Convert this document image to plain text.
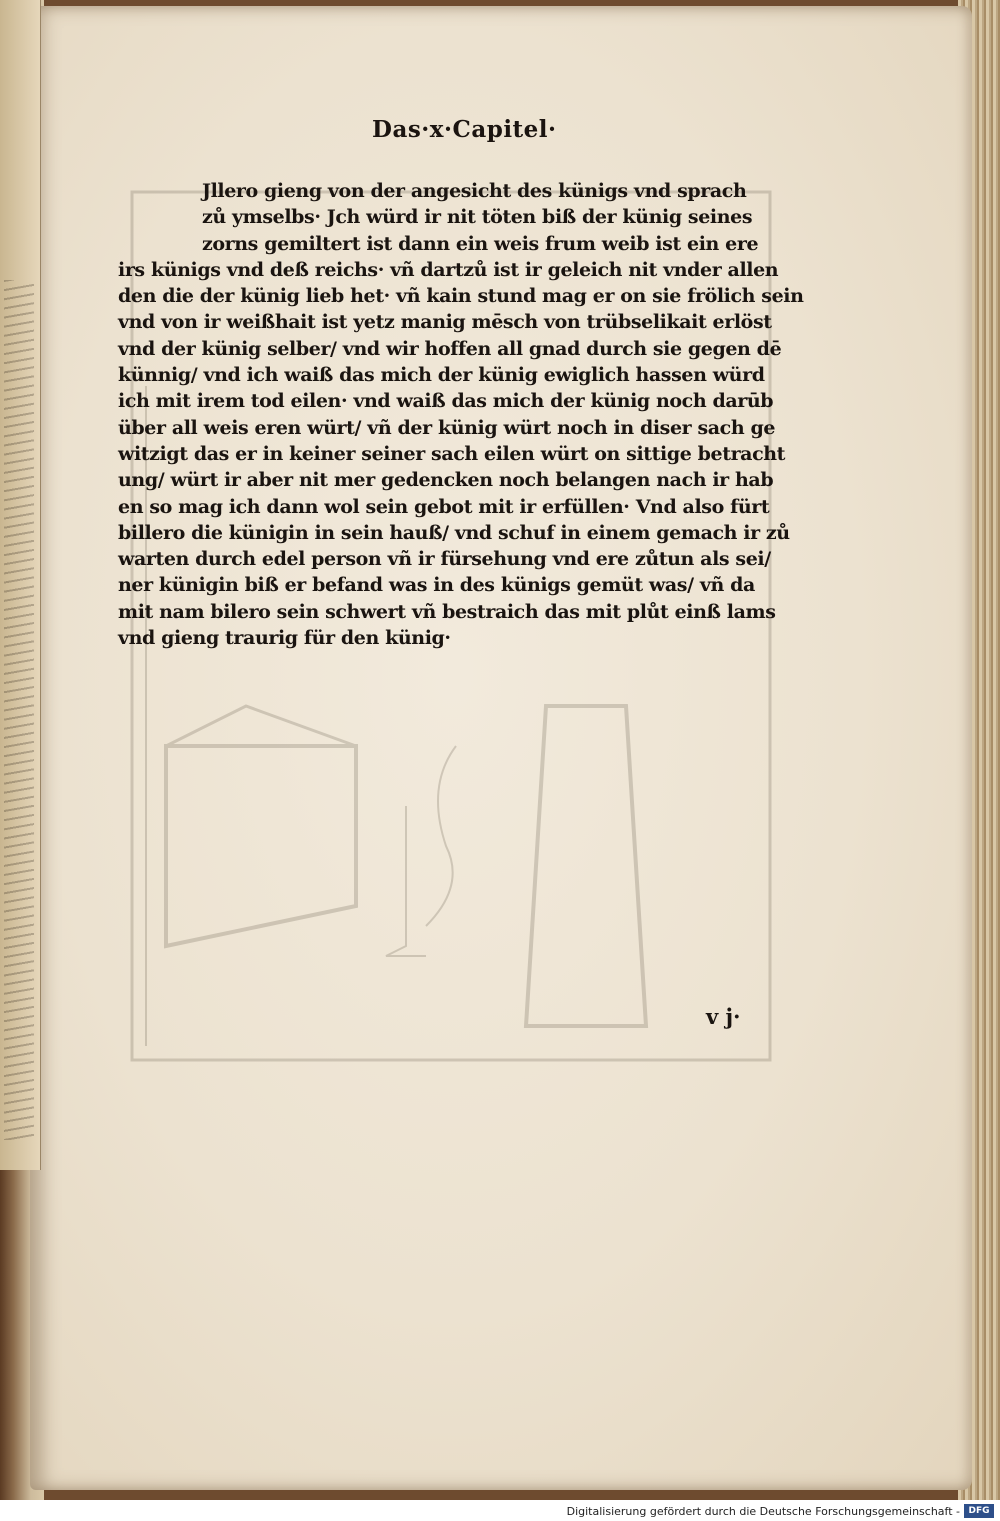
Das·x·Capitel·
Jllero gieng von der angesicht des künigs vnd sprach
zů ymselbs· Jch würd ir nit töten biß der künig seines
zorns gemiltert ist dann ein weis frum weib ist ein ere
irs künigs vnd deß reichs· vñ dartzů ist ir geleich nit vnder allen
den die der künig lieb het· vñ kain stund mag er on sie frölich sein
vnd von ir weißhait ist yetz manig mēsch von trübselikait erlöst
vnd der künig selber/ vnd wir hoffen all gnad durch sie gegen dē
künnig/ vnd ich waiß das mich der künig ewiglich hassen würd
ich mit irem tod eilen· vnd waiß das mich der künig noch darūb
über all weis eren würt/ vñ der künig würt noch in diser sach ge
witzigt das er in keiner seiner sach eilen würt on sittige betracht
ung/ würt ir aber nit mer gedencken noch belangen nach ir hab
en so mag ich dann wol sein gebot mit ir erfüllen· Vnd also fürt
billero die künigin in sein hauß/ vnd schuf in einem gemach ir zů
warten durch edel person vñ ir fürsehung vnd ere zůtun als sei/
ner künigin biß er befand was in des künigs gemüt was/ vñ da
mit nam bilero sein schwert vñ bestraich das mit plůt einß lams
vnd gieng traurig für den künig·
v j·
Digitalisierung gefördert durch die Deutsche Forschungsgemeinschaft - DFG
